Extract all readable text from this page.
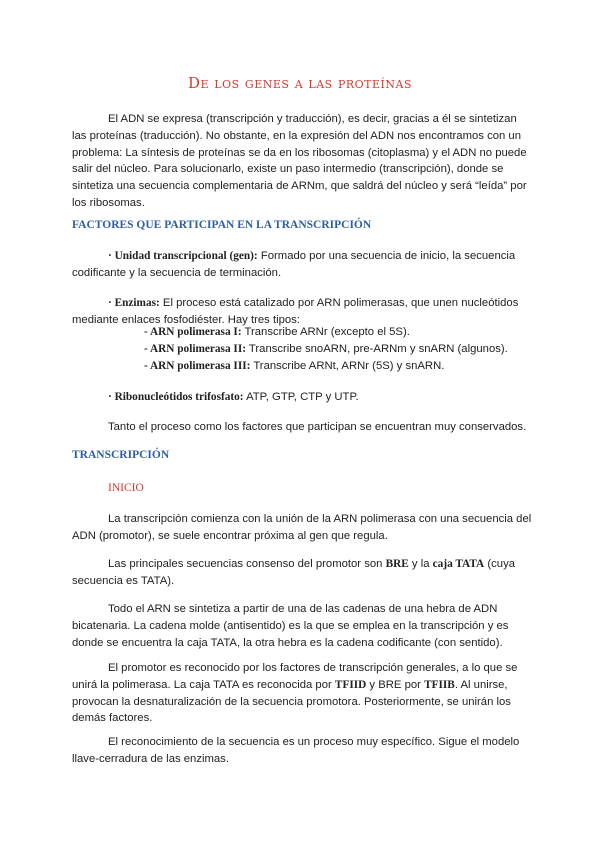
De los genes a las proteínas

El ADN se expresa (transcripción y traducción), es decir, gracias a él se sintetizan las proteínas (traducción). No obstante, en la expresión del ADN nos encontramos con un problema: La síntesis de proteínas se da en los ribosomas (citoplasma) y el ADN no puede salir del núcleo. Para solucionarlo, existe un paso intermedio (transcripción), donde se sintetiza una secuencia complementaria de ARNm, que saldrá del núcleo y será “leída” por los ribosomas.

FACTORES QUE PARTICIPAN EN LA TRANSCRIPCIÓN

· Unidad transcripcional (gen): Formado por una secuencia de inicio, la secuencia codificante y la secuencia de terminación.

· Enzimas: El proceso está catalizado por ARN polimerasas, que unen nucleótidos mediante enlaces fosfodiéster. Hay tres tipos:

- ARN polimerasa I: Transcribe ARNr (excepto el 5S).

- ARN polimerasa II: Transcribe snoARN, pre-ARNm y snARN (algunos).

- ARN polimerasa III: Transcribe ARNt, ARNr (5S) y snARN.

· Ribonucleótidos trifosfato: ATP, GTP, CTP y UTP.

Tanto el proceso como los factores que participan se encuentran muy conservados.

TRANSCRIPCIÓN

INICIO

La transcripción comienza con la unión de la ARN polimerasa con una secuencia del ADN (promotor), se suele encontrar próxima al gen que regula.

Las principales secuencias consenso del promotor son BRE y la caja TATA (cuya secuencia es TATA).

Todo el ARN se sintetiza a partir de una de las cadenas de una hebra de ADN bicatenaria. La cadena molde (antisentido) es la que se emplea en la transcripción y es donde se encuentra la caja TATA, la otra hebra es la cadena codificante (con sentido).

El promotor es reconocido por los factores de transcripción generales, a lo que se unirá la polimerasa. La caja TATA es reconocida por TFIID y BRE por TFIIB. Al unirse, provocan la desnaturalización de la secuencia promotora. Posteriormente, se unirán los demás factores.

El reconocimiento de la secuencia es un proceso muy específico. Sigue el modelo llave-cerradura de las enzimas.
